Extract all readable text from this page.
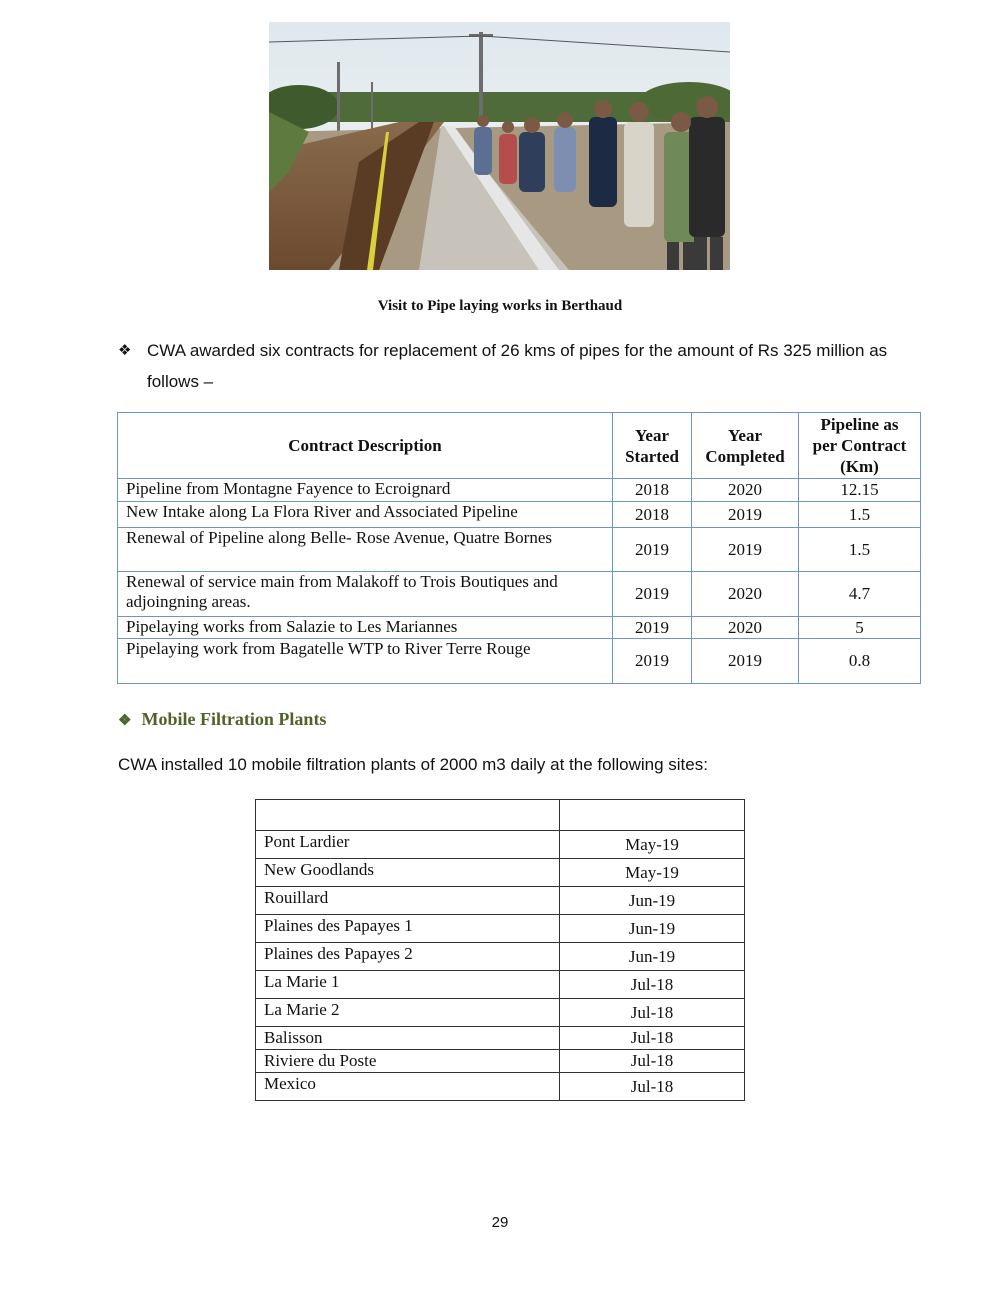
Visit to Pipe laying works in Berthaud
❖ CWA awarded six contracts for replacement of 26 kms of pipes for the amount of Rs 325 million as follows –
Contract Description	Year Started	Year Completed	Pipeline as per Contract (Km)
Pipeline from Montagne Fayence to Ecroignard	2018	2020	12.15
New Intake along La Flora River and Associated Pipeline	2018	2019	1.5
Renewal of Pipeline along Belle- Rose Avenue, Quatre Bornes	2019	2019	1.5
Renewal of service main from Malakoff to Trois Boutiques and adjoingning areas.	2019	2020	4.7
Pipelaying works from Salazie to Les Mariannes	2019	2020	5
Pipelaying work from Bagatelle WTP to River Terre Rouge	2019	2019	0.8
❖ Mobile Filtration Plants
CWA installed 10 mobile filtration plants of 2000 m3 daily at the following sites:

Pont Lardier	May-19
New Goodlands	May-19
Rouillard	Jun-19
Plaines des Papayes 1	Jun-19
Plaines des Papayes 2	Jun-19
La Marie 1	Jul-18
La Marie 2	Jul-18
Balisson	Jul-18
Riviere du Poste	Jul-18
Mexico	Jul-18
29
